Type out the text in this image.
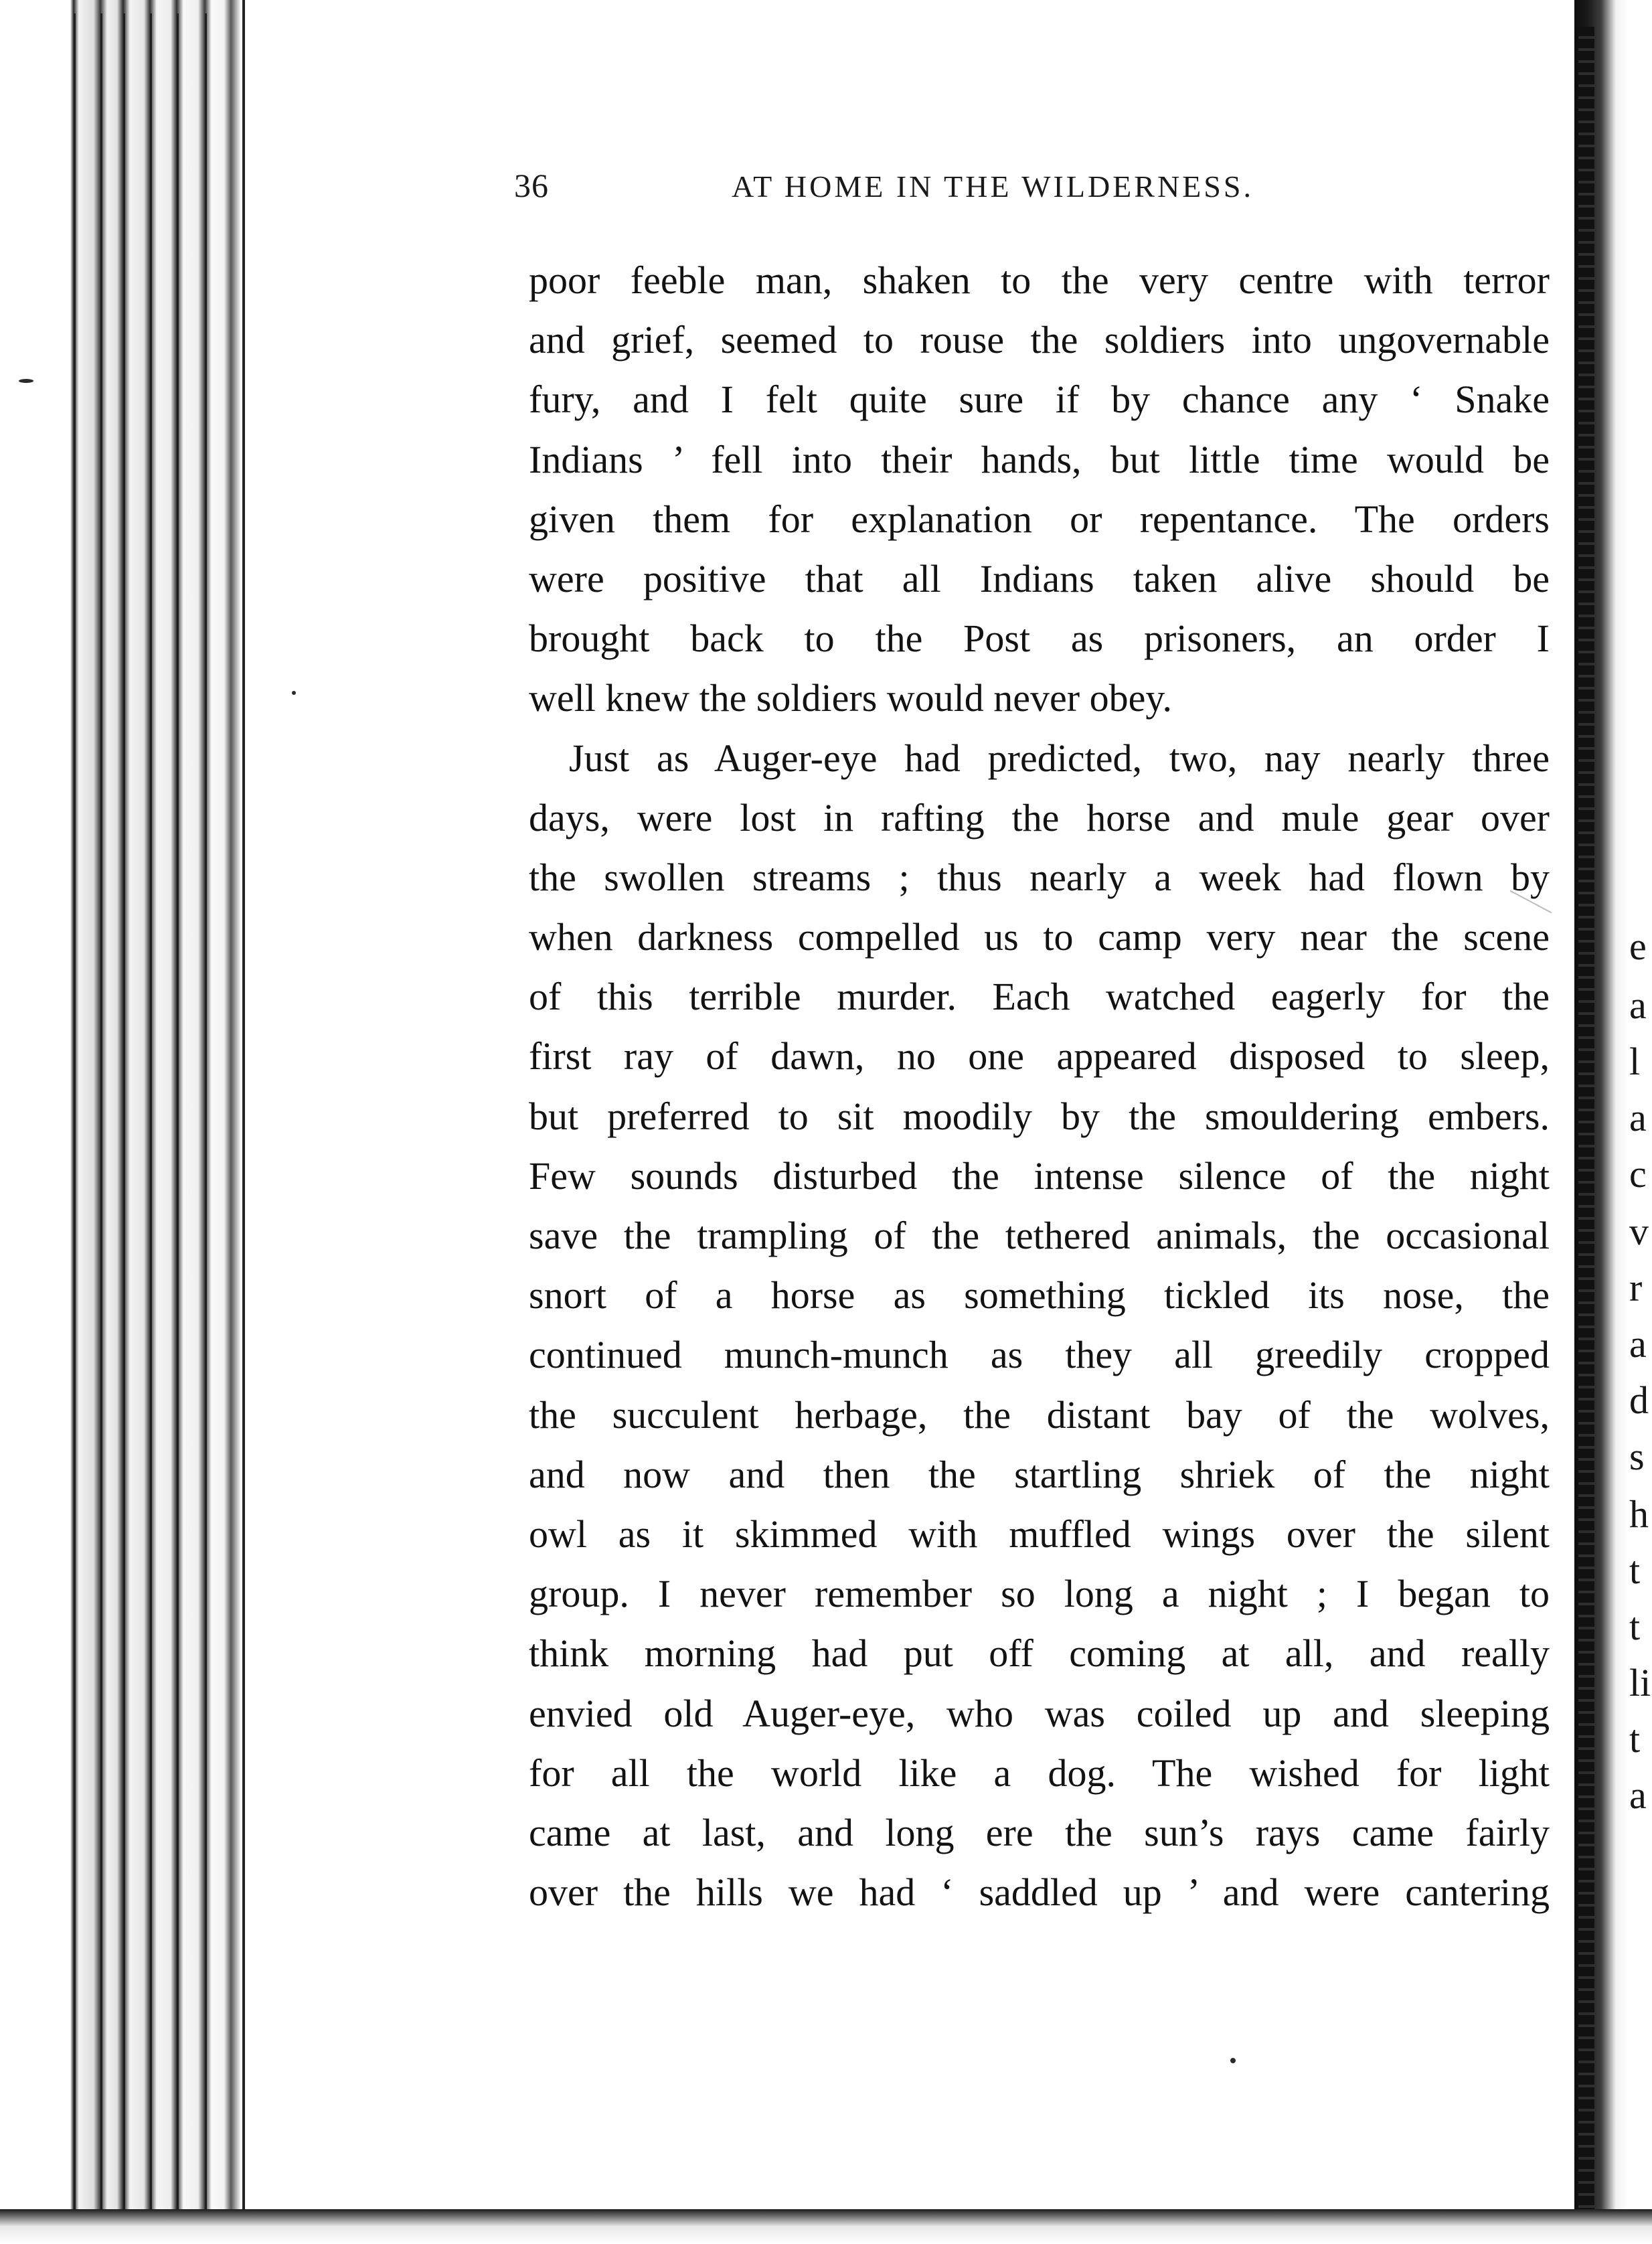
e
a
l
a
c
v
r
a
d
s
h
t
t
li
t
a
36	AT HOME IN THE WILDERNESS.
poor feeble man, shaken to the very centre with terror
and grief, seemed to rouse the soldiers into ungovernable
fury, and I felt quite sure if by chance any ‘ Snake
Indians ’ fell into their hands, but little time would be
given them for explanation or repentance. The orders
were positive that all Indians taken alive should be
brought back to the Post as prisoners, an order I
well knew the soldiers would never obey.
Just as Auger-eye had predicted, two, nay nearly three
days, were lost in rafting the horse and mule gear over
the swollen streams ; thus nearly a week had flown by
when darkness compelled us to camp very near the scene
of this terrible murder. Each watched eagerly for the
first ray of dawn, no one appeared disposed to sleep,
but preferred to sit moodily by the smouldering embers.
Few sounds disturbed the intense silence of the night
save the trampling of the tethered animals, the occasional
snort of a horse as something tickled its nose, the
continued munch-munch as they all greedily cropped
the succulent herbage, the distant bay of the wolves,
and now and then the startling shriek of the night
owl as it skimmed with muffled wings over the silent
group. I never remember so long a night ; I began to
think morning had put off coming at all, and really
envied old Auger-eye, who was coiled up and sleeping
for all the world like a dog. The wished for light
came at last, and long ere the sun’s rays came fairly
over the hills we had ‘ saddled up ’ and were cantering
